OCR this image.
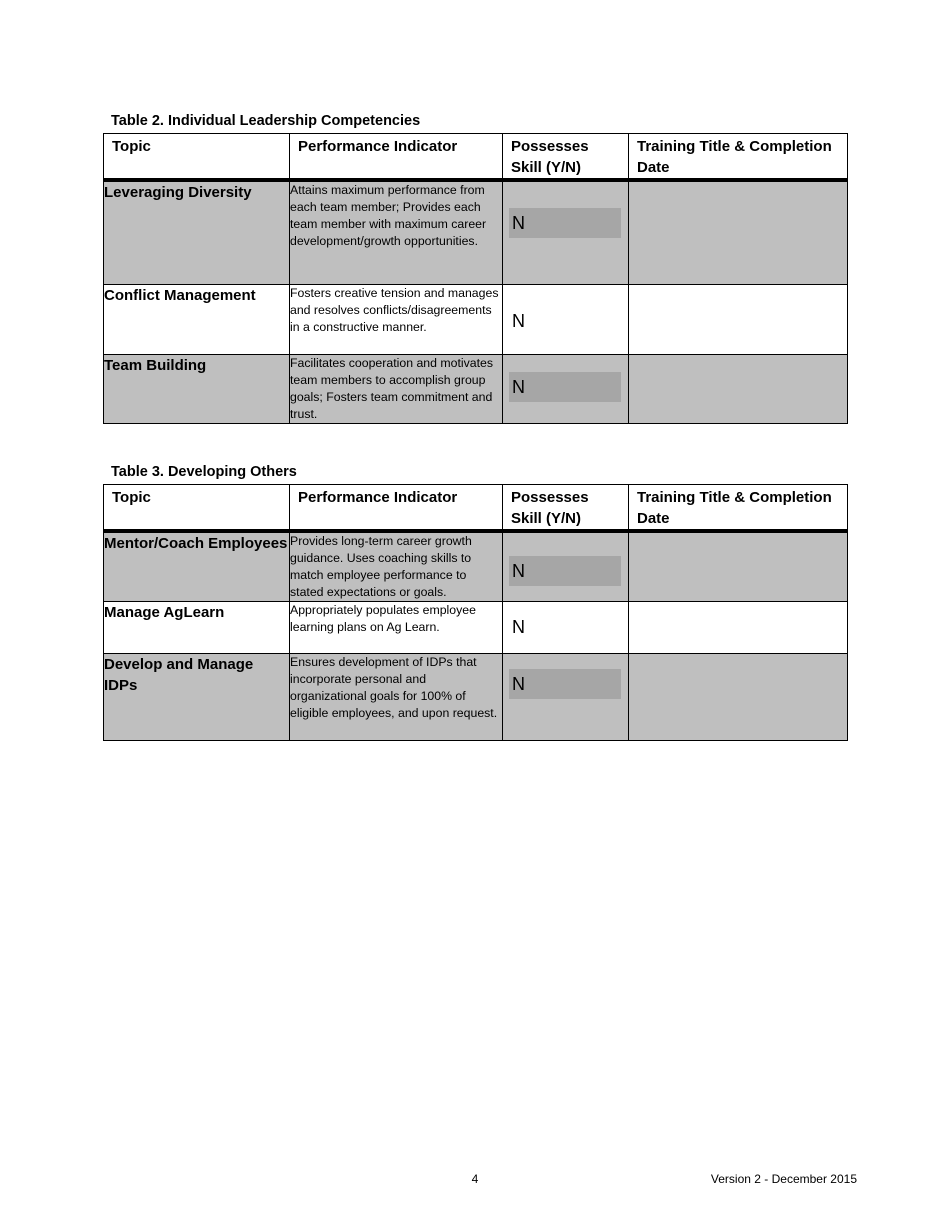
Table 2. Individual Leadership Competencies
Topic	Performance Indicator	Possesses Skill (Y/N)	Training Title & Completion Date
Leveraging Diversity	Attains maximum performance from each team member; Provides each team member with maximum career development/growth opportunities.	N	

Conflict Management	Fosters creative tension and manages and resolves conflicts/disagreements in a constructive manner.	N	

Team Building	Facilitates cooperation and motivates team members to accomplish group goals; Fosters team commitment and trust.	N	

Table 3. Developing Others
Topic	Performance Indicator	Possesses Skill (Y/N)	Training Title & Completion Date
Mentor/Coach Employees	Provides long-term career growth guidance. Uses coaching skills to match employee performance to stated expectations or goals.	N	

Manage AgLearn	Appropriately populates employee learning plans on Ag Learn.	N	

Develop and Manage IDPs	Ensures development of IDPs that incorporate personal and organizational goals for 100% of eligible employees, and upon request.	N	

4	Version 2 - December 2015
